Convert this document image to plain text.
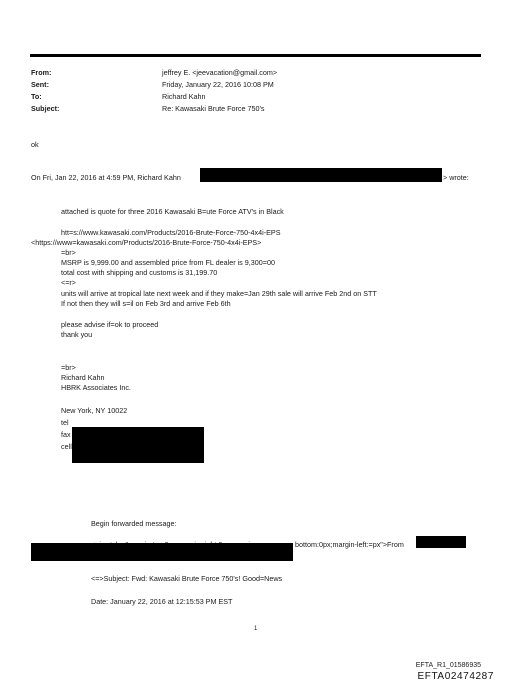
From:
Sent:
To:
Subject:
jeffrey E. <jeevacation@gmail.com>
Friday, January 22, 2016 10:08 PM
Richard Kahn
Re: Kawasaki Brute Force 750's
ok
On Fri, Jan 22, 2016 at 4:59 PM, Richard Kahn	> wrote:
attached is quote for three 2016 Kawasaki B=ute Force ATV's in Black
htt=s://www.kawasaki.com/Products/2016-Brute-Force-750-4x4i-EPS
<https://www=kawasaki.com/Products/2016-Brute-Force-750-4x4i-EPS>
=br>
MSRP is 9,999.00 and assembled price from FL dealer is 9,300=00
total cost with shipping and customs is 31,199.70
<=r>
units will arrive at tropical late next week and if they make=Jan 29th sale will arrive Feb 2nd on STT
If not then they will s=il on Feb 3rd and arrive Feb 6th
please advise if=ok to proceed
thank you
=br>
Richard Kahn
HBRK Associates Inc.
New York, NY 10022
tel
fax
cell
Begin forwarded message:
bottom:0px;margin-left:=px">From
<=>Subject: Fwd: Kawasaki Brute Force 750's! Good=News
Date: January 22, 2016 at 12:15:53 PM EST
1
EFTA_R1_01586935
EFTA02474287
